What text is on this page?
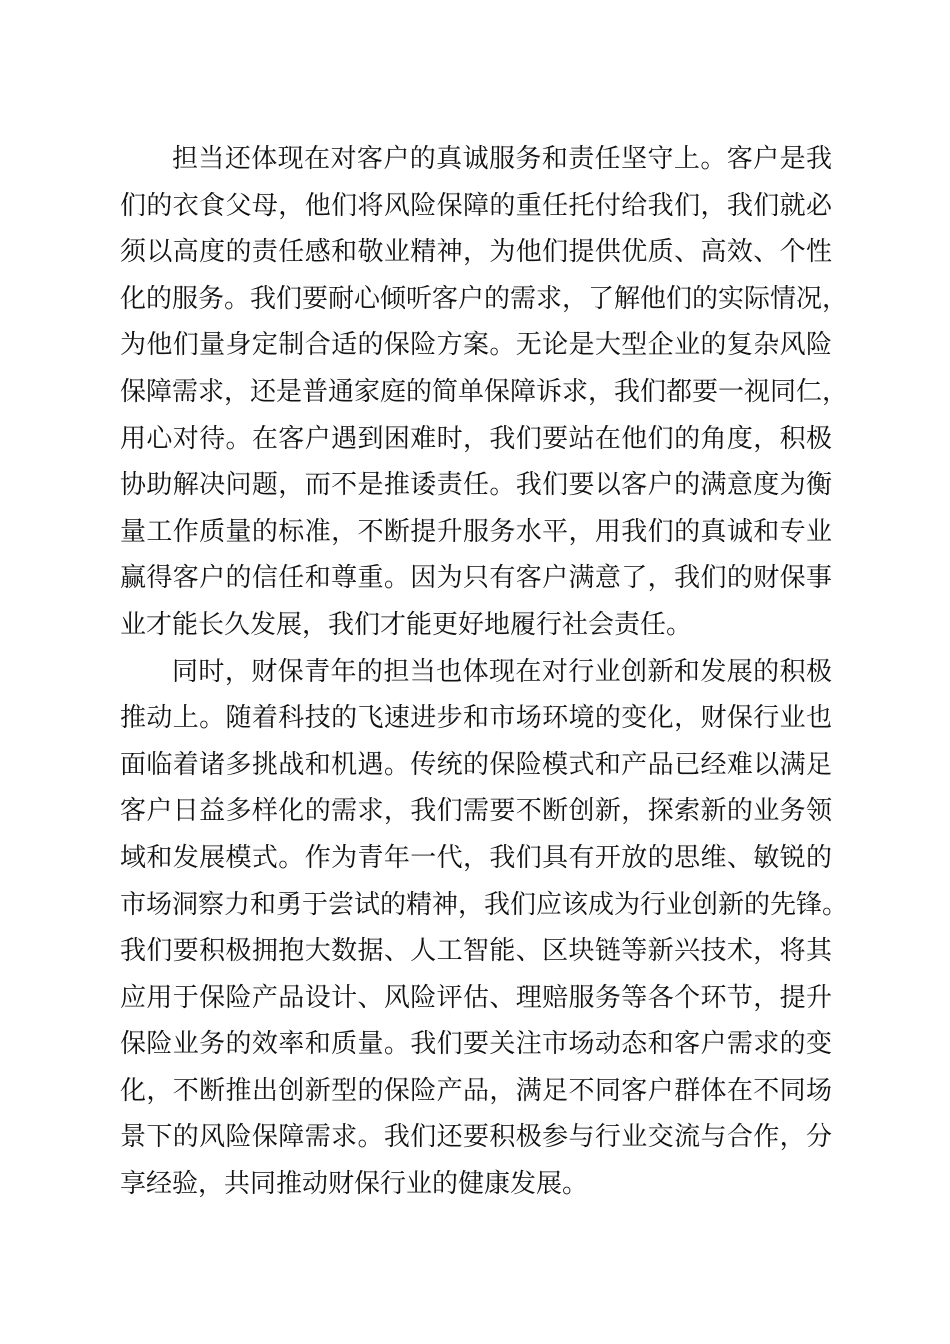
担当还体现在对客户的真诚服务和责任坚守上。客户是我
们的衣食父母，他们将风险保障的重任托付给我们，我们就必
须以高度的责任感和敬业精神，为他们提供优质、高效、个性
化的服务。我们要耐心倾听客户的需求，了解他们的实际情况，
为他们量身定制合适的保险方案。无论是大型企业的复杂风险
保障需求，还是普通家庭的简单保障诉求，我们都要一视同仁，
用心对待。在客户遇到困难时，我们要站在他们的角度，积极
协助解决问题，而不是推诿责任。我们要以客户的满意度为衡
量工作质量的标准，不断提升服务水平，用我们的真诚和专业
赢得客户的信任和尊重。因为只有客户满意了，我们的财保事
业才能长久发展，我们才能更好地履行社会责任。
同时，财保青年的担当也体现在对行业创新和发展的积极
推动上。随着科技的飞速进步和市场环境的变化，财保行业也
面临着诸多挑战和机遇。传统的保险模式和产品已经难以满足
客户日益多样化的需求，我们需要不断创新，探索新的业务领
域和发展模式。作为青年一代，我们具有开放的思维、敏锐的
市场洞察力和勇于尝试的精神，我们应该成为行业创新的先锋。
我们要积极拥抱大数据、人工智能、区块链等新兴技术，将其
应用于保险产品设计、风险评估、理赔服务等各个环节，提升
保险业务的效率和质量。我们要关注市场动态和客户需求的变
化，不断推出创新型的保险产品，满足不同客户群体在不同场
景下的风险保障需求。我们还要积极参与行业交流与合作，分
享经验，共同推动财保行业的健康发展。
